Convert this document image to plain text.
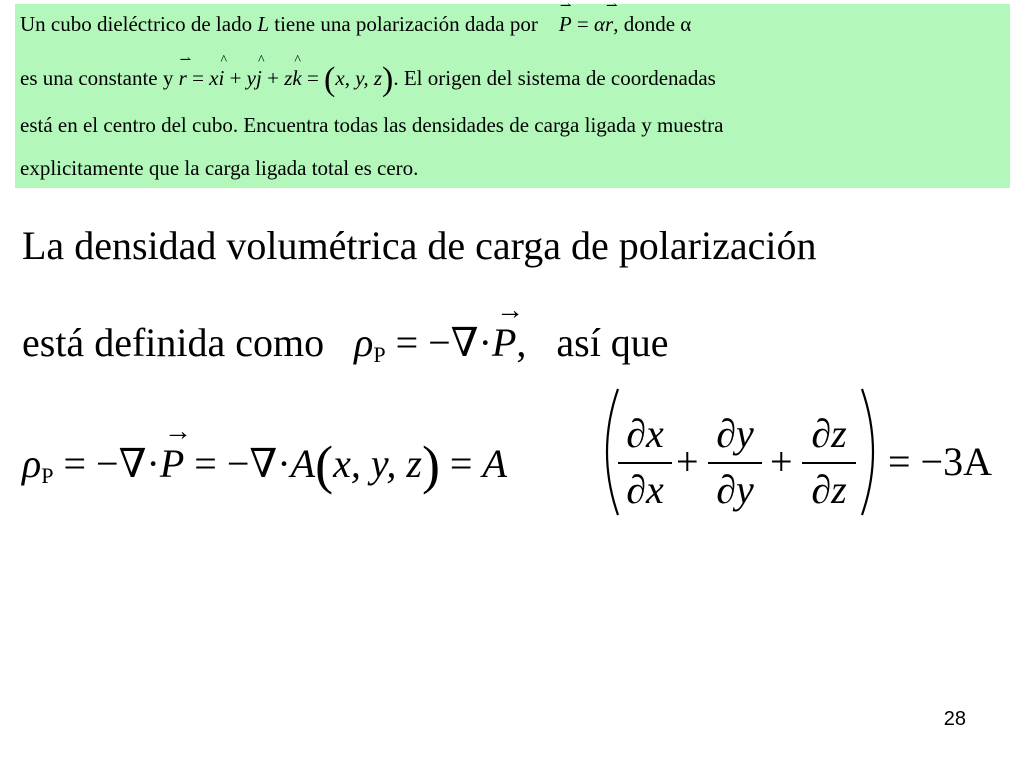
Un cubo dieléctrico de lado L tiene una polarización dada por
⇀
P = α
⇀
r, donde α
es una constante y
⇀
r = x
^
i + y
^
j + z
^
k = (x, y, z). El origen del sistema de coordenadas
está en el centro del cubo. Encuentra todas las densidades de carga ligada y muestra
explicitamente que la carga ligada total es cero.
La densidad volumétrica de carga de polarización
está definida como $\rho_P$ = −∇·
→
P, así que
$\rho_P$ = −∇·
→
P = −∇·A(x, y, z) = A
∂x
∂x
+
∂y
∂y
+
∂z
∂z
= −3A
28
